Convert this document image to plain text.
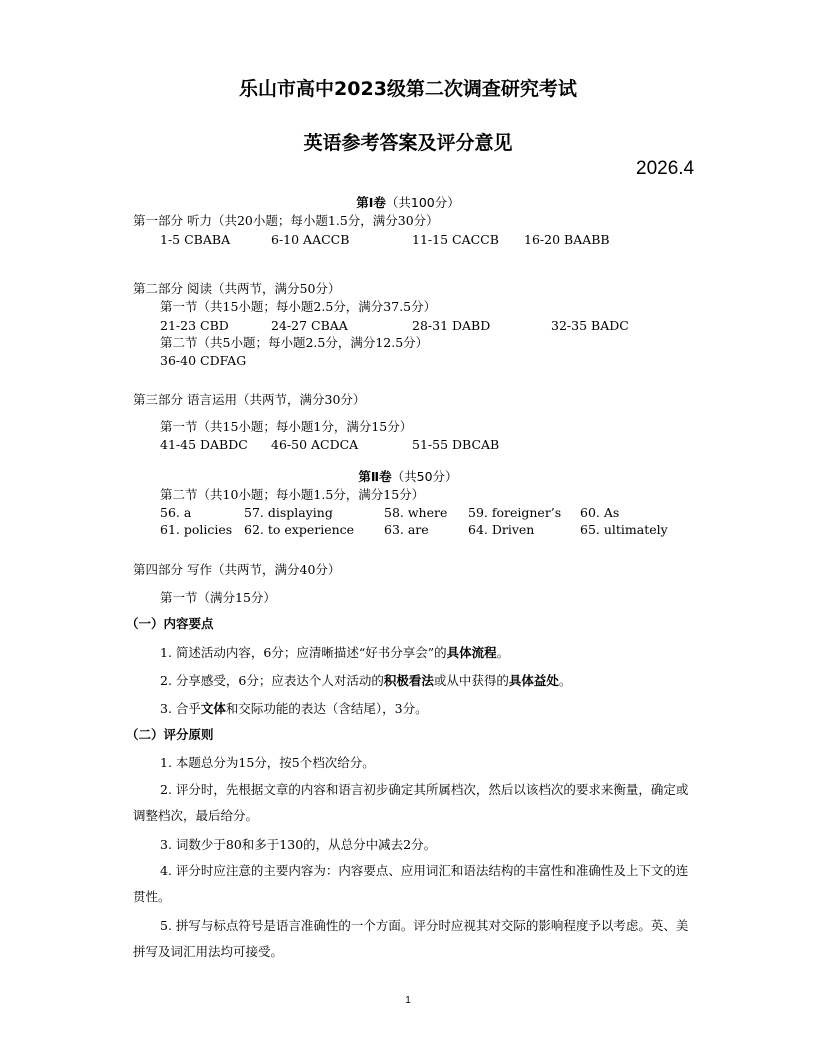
乐山市高中2023级第二次调查研究考试
英语参考答案及评分意见
2026.4
第Ⅰ卷（共100分）
第一部分 听力（共20小题；每小题1.5分，满分30分）
1-5 CBABA	6-10 AACCB	11-15 CACCB 16-20 BAABB
第二部分 阅读（共两节，满分50分）
第一节（共15小题；每小题2.5分，满分37.5分）
21-23 CBD	24-27 CBAA	28-31 DABD	32-35 BADC
第二节（共5小题；每小题2.5分，满分12.5分）
36-40 CDFAG
第三部分 语言运用（共两节，满分30分）
第一节（共15小题；每小题1分，满分15分）
41-45 DABDC 46-50 ACDCA	51-55 DBCAB
第Ⅱ卷（共50分）
第二节（共10小题；每小题1.5分，满分15分）
56. a	57. displaying	58. where 59. foreigner’s 60. As
61. policies 62. to experience 63. are	64. Driven	65. ultimately
第四部分 写作（共两节，满分40分）
第一节（满分15分）
（一）内容要点
1. 简述活动内容，6分；应清晰描述“好书分享会”的具体流程。
2. 分享感受，6分；应表达个人对活动的积极看法或从中获得的具体益处。
3. 合乎文体和交际功能的表达（含结尾），3分。
（二）评分原则
1. 本题总分为15分，按5个档次给分。
2. 评分时，先根据文章的内容和语言初步确定其所属档次，然后以该档次的要求来衡量，确定或调整档次，最后给分。
3. 词数少于80和多于130的，从总分中减去2分。
4. 评分时应注意的主要内容为：内容要点、应用词汇和语法结构的丰富性和准确性及上下文的连贯性。
5. 拼写与标点符号是语言准确性的一个方面。评分时应视其对交际的影响程度予以考虑。英、美拼写及词汇用法均可接受。
1
